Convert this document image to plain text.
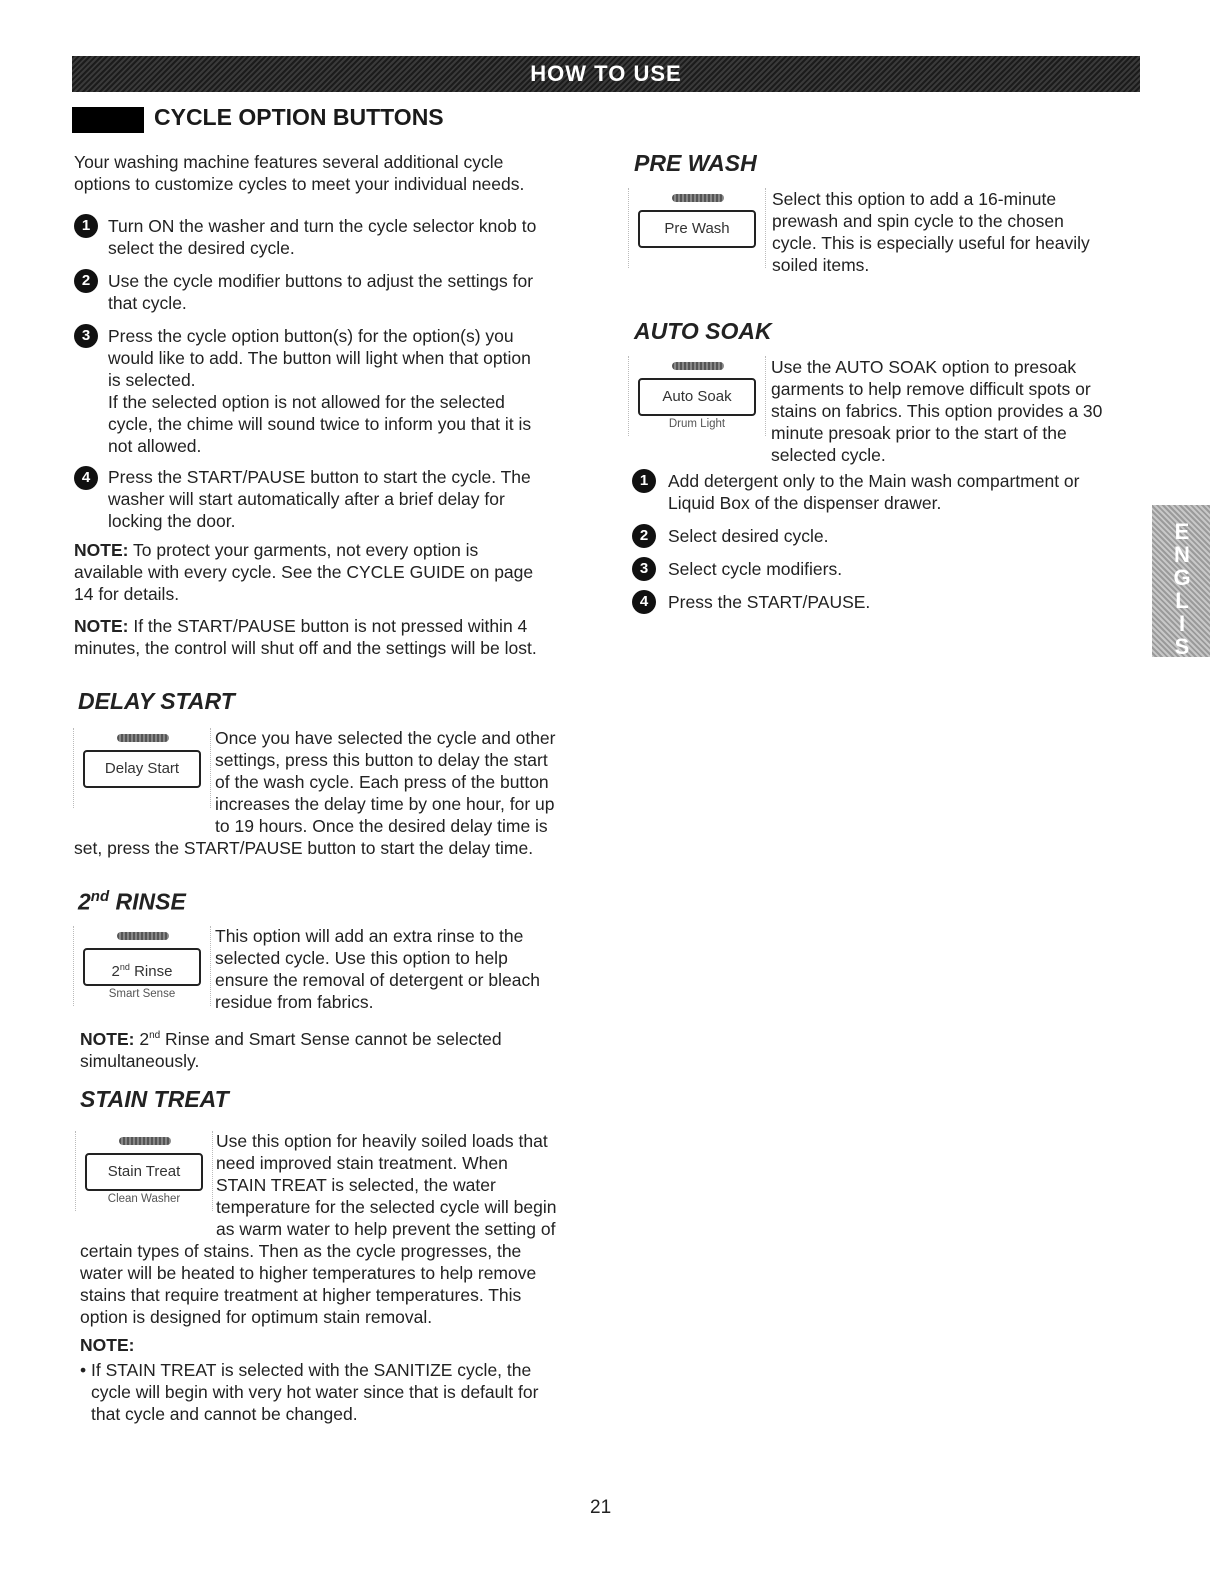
HOW TO USE
CYCLE OPTION BUTTONS
Your washing machine features several additional cycle
options to customize cycles to meet your individual needs.
1	Turn ON the washer and turn the cycle selector knob to
select the desired cycle.
2	Use the cycle modifier buttons to adjust the settings for
that cycle.
3	Press the cycle option button(s) for the option(s) you
would like to add. The button will light when that option
is selected.
If the selected option is not allowed for the selected
cycle, the chime will sound twice to inform you that it is
not allowed.
4	Press the START/PAUSE button to start the cycle. The
washer will start automatically after a brief delay for
locking the door.
NOTE: To protect your garments, not every option is
available with every cycle. See the CYCLE GUIDE on page
14 for details.
NOTE: If the START/PAUSE button is not pressed within 4
minutes, the control will shut off and the settings will be lost.
PRE WASH
Pre Wash
Select this option to add a 16-minute
prewash and spin cycle to the chosen
cycle. This is especially useful for heavily
soiled items.
AUTO SOAK
Auto Soak
Drum Light
Use the AUTO SOAK option to presoak
garments to help remove difficult spots or
stains on fabrics. This option provides a 30
minute presoak prior to the start of the
selected cycle.
1	Add detergent only to the Main wash compartment or
Liquid Box of the dispenser drawer.
2	Select desired cycle.
3	Select cycle modifiers.
4	Press the START/PAUSE.
E
N
G
L
I
S
H
DELAY START
Delay Start
Once you have selected the cycle and other
settings, press this button to delay the start
of the wash cycle. Each press of the button
increases the delay time by one hour, for up
to 19 hours. Once the desired delay time is
set, press the START/PAUSE button to start the delay time.
2nd RINSE
2nd Rinse
Smart Sense
This option will add an extra rinse to the
selected cycle. Use this option to help
ensure the removal of detergent or bleach
residue from fabrics.
NOTE: 2nd Rinse and Smart Sense cannot be selected
simultaneously.
STAIN TREAT
Stain Treat
Clean Washer
Use this option for heavily soiled loads that
need improved stain treatment. When
STAIN TREAT is selected, the water
temperature for the selected cycle will begin
as warm water to help prevent the setting of
certain types of stains. Then as the cycle progresses, the
water will be heated to higher temperatures to help remove
stains that require treatment at higher temperatures. This
option is designed for optimum stain removal.
NOTE:
• If STAIN TREAT is selected with the SANITIZE cycle, the
cycle will begin with very hot water since that is default for
that cycle and cannot be changed.
21
